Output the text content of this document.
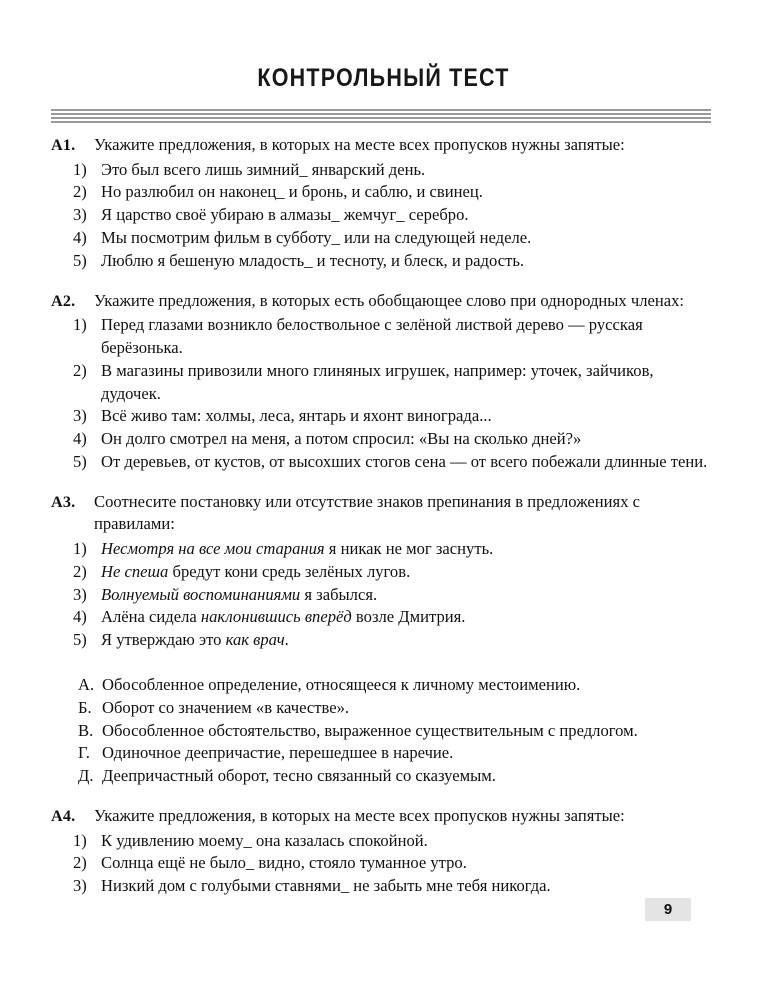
КОНТРОЛЬНЫЙ ТЕСТ
А1. Укажите предложения, в которых на месте всех пропусков нужны запятые:
1) Это был всего лишь зимний_ январский день.
2) Но разлюбил он наконец_ и бронь, и саблю, и свинец.
3) Я царство своё убираю в алмазы_ жемчуг_ серебро.
4) Мы посмотрим фильм в субботу_ или на следующей неделе.
5) Люблю я бешеную младость_ и тесноту, и блеск, и радость.
А2. Укажите предложения, в которых есть обобщающее слово при однородных членах:
1) Перед глазами возникло белоствольное с зелёной листвой дерево — русская берёзонька.
2) В магазины привозили много глиняных игрушек, например: уточек, зайчиков, дудочек.
3) Всё живо там: холмы, леса, янтарь и яхонт винограда...
4) Он долго смотрел на меня, а потом спросил: «Вы на сколько дней?»
5) От деревьев, от кустов, от высохших стогов сена — от всего побежали длинные тени.
А3. Соотнесите постановку или отсутствие знаков препинания в предложениях с правилами:
1) Несмотря на все мои старания я никак не мог заснуть.
2) Не спеша бредут кони средь зелёных лугов.
3) Волнуемый воспоминаниями я забылся.
4) Алёна сидела наклонившись вперёд возле Дмитрия.
5) Я утверждаю это как врач.
А. Обособленное определение, относящееся к личному местоимению.
Б. Оборот со значением «в качестве».
В. Обособленное обстоятельство, выраженное существительным с предлогом.
Г. Одиночное деепричастие, перешедшее в наречие.
Д. Деепричастный оборот, тесно связанный со сказуемым.
А4. Укажите предложения, в которых на месте всех пропусков нужны запятые:
1) К удивлению моему_ она казалась спокойной.
2) Солнца ещё не было_ видно, стояло туманное утро.
3) Низкий дом с голубыми ставнями_ не забыть мне тебя никогда.
9
